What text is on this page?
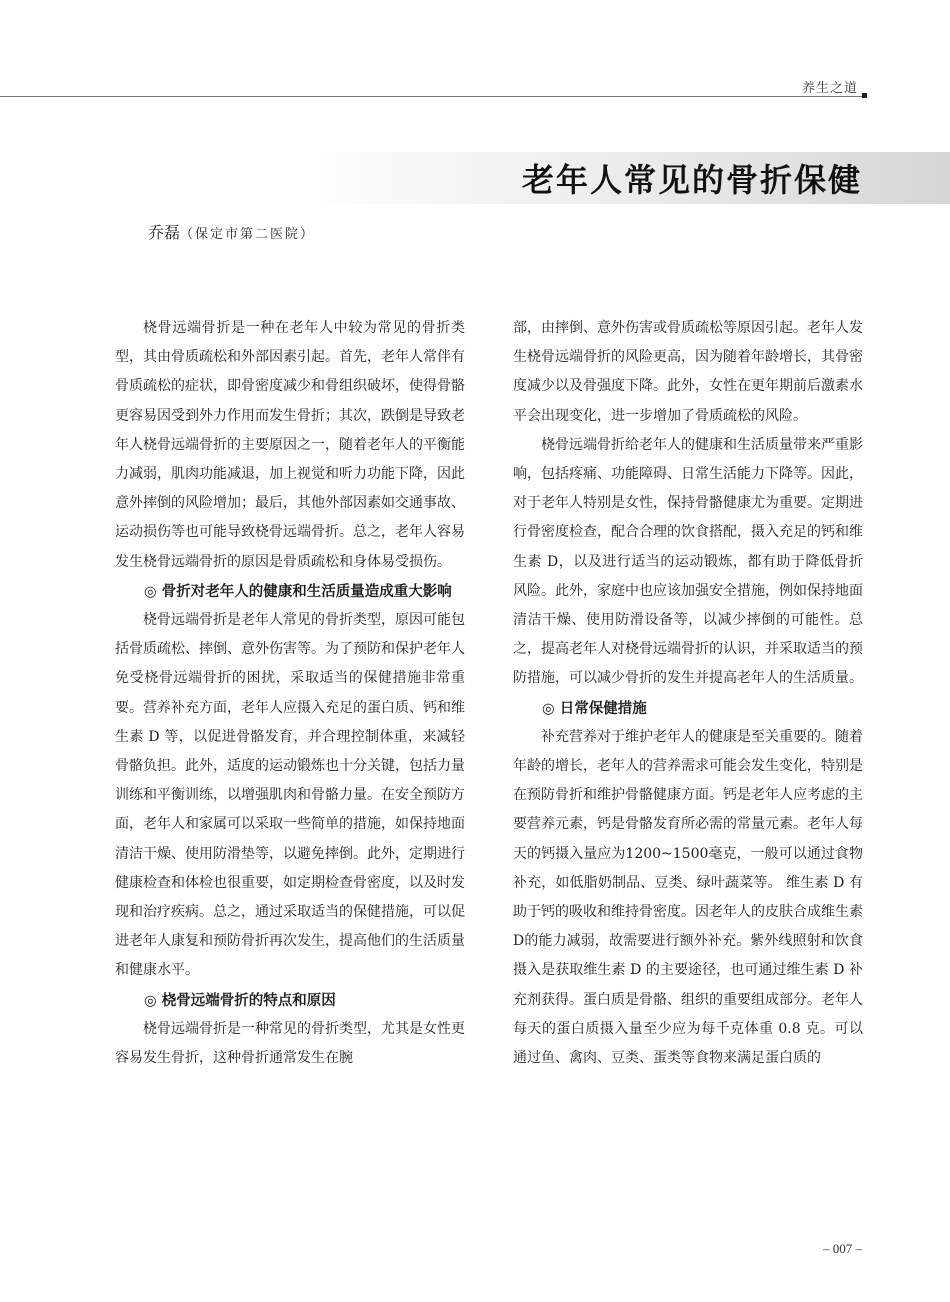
养生之道
老年人常见的骨折保健
乔磊（保定市第二医院）

桡骨远端骨折是一种在老年人中较为常见的骨折类型，其由骨质疏松和外部因素引起。首先，老年人常伴有骨质疏松的症状，即骨密度减少和骨组织破坏，使得骨骼更容易因受到外力作用而发生骨折；其次，跌倒是导致老年人桡骨远端骨折的主要原因之一，随着老年人的平衡能力减弱，肌肉功能减退，加上视觉和听力功能下降，因此意外摔倒的风险增加；最后，其他外部因素如交通事故、运动损伤等也可能导致桡骨远端骨折。总之，老年人容易发生桡骨远端骨折的原因是骨质疏松和身体易受损伤。

◎ 骨折对老年人的健康和生活质量造成重大影响

桡骨远端骨折是老年人常见的骨折类型，原因可能包括骨质疏松、摔倒、意外伤害等。为了预防和保护老年人免受桡骨远端骨折的困扰，采取适当的保健措施非常重要。营养补充方面，老年人应摄入充足的蛋白质、钙和维生素 D 等，以促进骨骼发育，并合理控制体重，来减轻骨骼负担。此外，适度的运动锻炼也十分关键，包括力量训练和平衡训练，以增强肌肉和骨骼力量。在安全预防方面，老年人和家属可以采取一些简单的措施，如保持地面清洁干燥、使用防滑垫等，以避免摔倒。此外，定期进行健康检查和体检也很重要，如定期检查骨密度，以及时发现和治疗疾病。总之，通过采取适当的保健措施，可以促进老年人康复和预防骨折再次发生，提高他们的生活质量和健康水平。

◎ 桡骨远端骨折的特点和原因

桡骨远端骨折是一种常见的骨折类型，尤其是女性更容易发生骨折，这种骨折通常发生在腕

部，由摔倒、意外伤害或骨质疏松等原因引起。老年人发生桡骨远端骨折的风险更高，因为随着年龄增长，其骨密度减少以及骨强度下降。此外，女性在更年期前后激素水平会出现变化，进一步增加了骨质疏松的风险。

桡骨远端骨折给老年人的健康和生活质量带来严重影响，包括疼痛、功能障碍、日常生活能力下降等。因此，对于老年人特别是女性，保持骨骼健康尤为重要。定期进行骨密度检查，配合合理的饮食搭配，摄入充足的钙和维生素 D，以及进行适当的运动锻炼，都有助于降低骨折风险。此外，家庭中也应该加强安全措施，例如保持地面清洁干燥、使用防滑设备等，以减少摔倒的可能性。总之，提高老年人对桡骨远端骨折的认识，并采取适当的预防措施，可以减少骨折的发生并提高老年人的生活质量。

◎ 日常保健措施

补充营养对于维护老年人的健康是至关重要的。随着年龄的增长，老年人的营养需求可能会发生变化，特别是在预防骨折和维护骨骼健康方面。钙是老年人应考虑的主要营养元素，钙是骨骼发育所必需的常量元素。老年人每天的钙摄入量应为1200~1500毫克，一般可以通过食物补充，如低脂奶制品、豆类、绿叶蔬菜等。 维生素 D 有助于钙的吸收和维持骨密度。因老年人的皮肤合成维生素D的能力减弱，故需要进行额外补充。紫外线照射和饮食摄入是获取维生素 D 的主要途径，也可通过维生素 D 补充剂获得。蛋白质是骨骼、组织的重要组成部分。老年人每天的蛋白质摄入量至少应为每千克体重 0.8 克。可以通过鱼、禽肉、豆类、蛋类等食物来满足蛋白质的

– 007 –
